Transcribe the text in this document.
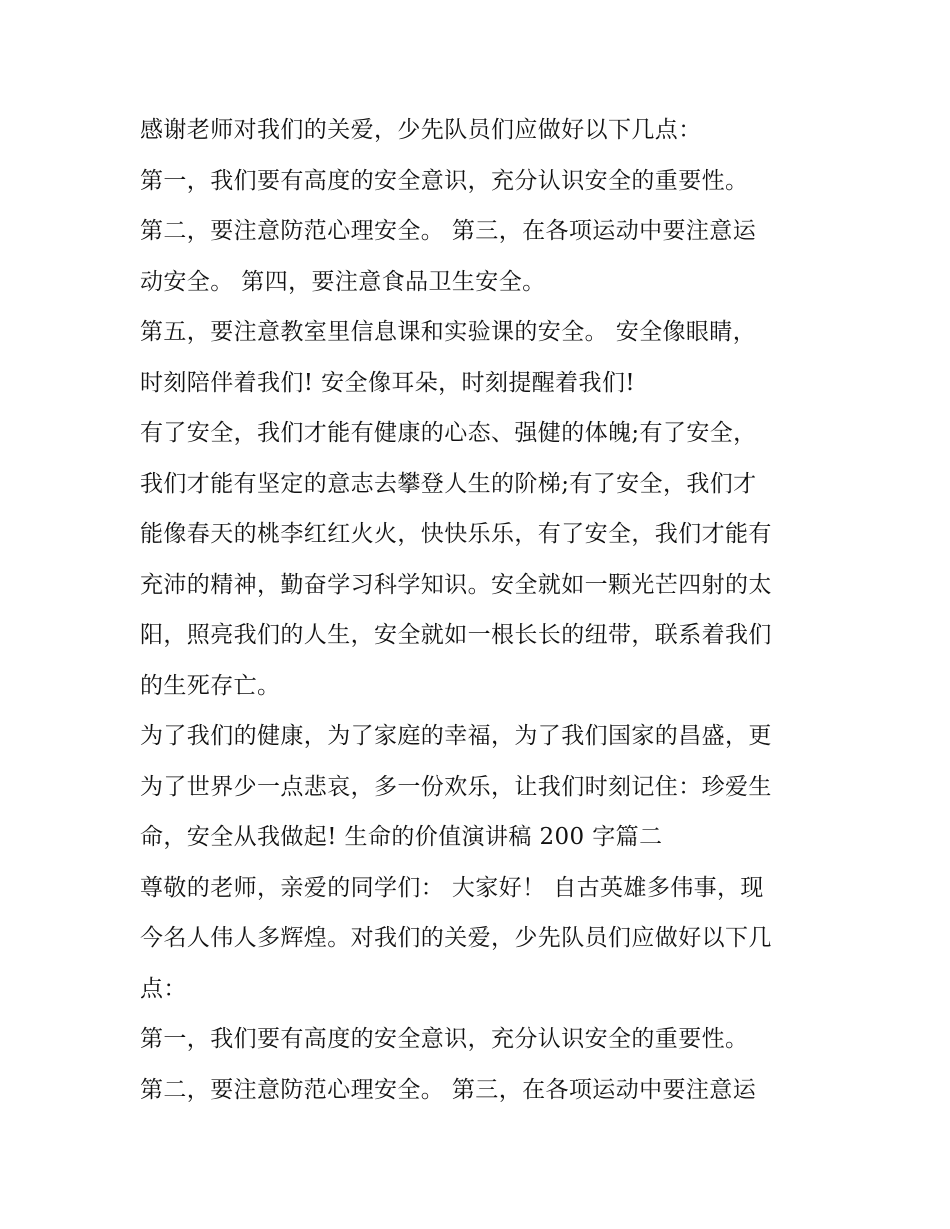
感谢老师对我们的关爱，少先队员们应做好以下几点：
第一，我们要有高度的安全意识，充分认识安全的重要性。
第二，要注意防范心理安全。 第三，在各项运动中要注意运
动安全。 第四，要注意食品卫生安全。
第五，要注意教室里信息课和实验课的安全。 安全像眼睛，
时刻陪伴着我们! 安全像耳朵，时刻提醒着我们!
有了安全，我们才能有健康的心态、强健的体魄;有了安全，
我们才能有坚定的意志去攀登人生的阶梯;有了安全，我们才
能像春天的桃李红红火火，快快乐乐，有了安全，我们才能有
充沛的精神，勤奋学习科学知识。安全就如一颗光芒四射的太
阳，照亮我们的人生，安全就如一根长长的纽带，联系着我们
的生死存亡。
为了我们的健康，为了家庭的幸福，为了我们国家的昌盛，更
为了世界少一点悲哀，多一份欢乐，让我们时刻记住：珍爱生
命，安全从我做起! 生命的价值演讲稿 200 字篇二
尊敬的老师，亲爱的同学们： 大家好！ 自古英雄多伟事，现
今名人伟人多辉煌。对我们的关爱，少先队员们应做好以下几
点：
第一，我们要有高度的安全意识，充分认识安全的重要性。
第二，要注意防范心理安全。 第三，在各项运动中要注意运
